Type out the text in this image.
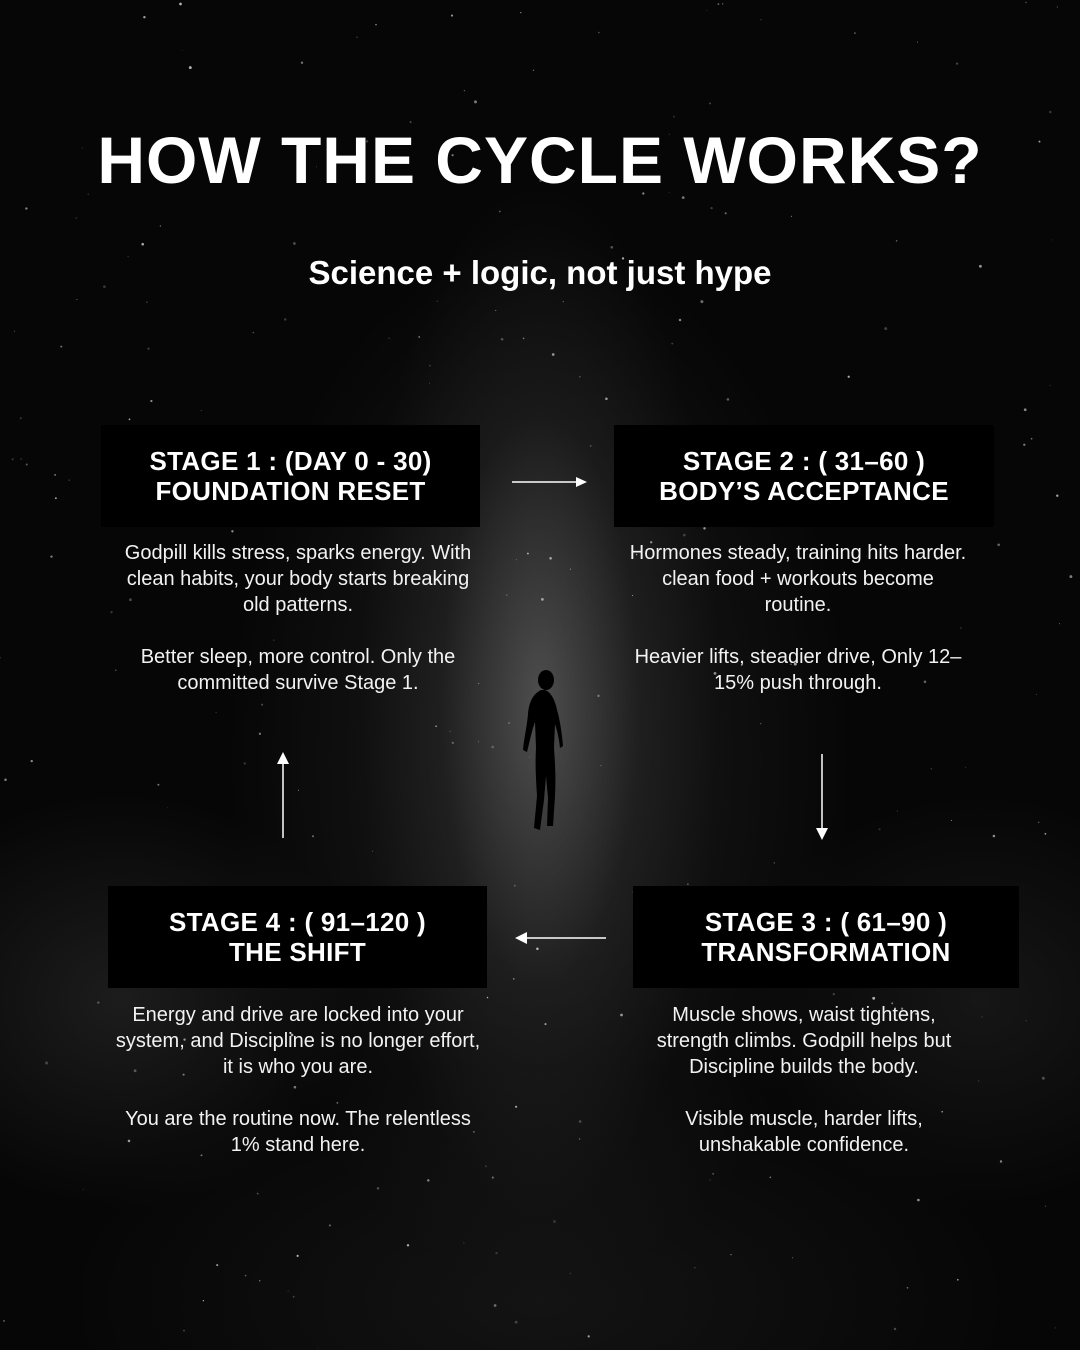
HOW THE CYCLE WORKS?
Science + logic, not just hype
STAGE 1 : (DAY 0 - 30)
FOUNDATION RESET

Godpill kills stress, sparks energy. With clean habits, your body starts breaking old patterns.

Better sleep, more control. Only the committed survive Stage 1.

STAGE 2 : ( 31–60 )
BODY’S ACCEPTANCE

Hormones steady, training hits harder. clean food + workouts become routine.

Heavier lifts, steadier drive, Only 12–15% push through.

STAGE 3 : ( 61–90 )
TRANSFORMATION

Muscle shows, waist tightens, strength climbs. Godpill helps but Discipline builds the body.

Visible muscle, harder lifts, unshakable confidence.

STAGE 4 : ( 91–120 )
THE SHIFT

Energy and drive are locked into your system, and Discipline is no longer effort, it is who you are.

You are the routine now. The relentless 1% stand here.
